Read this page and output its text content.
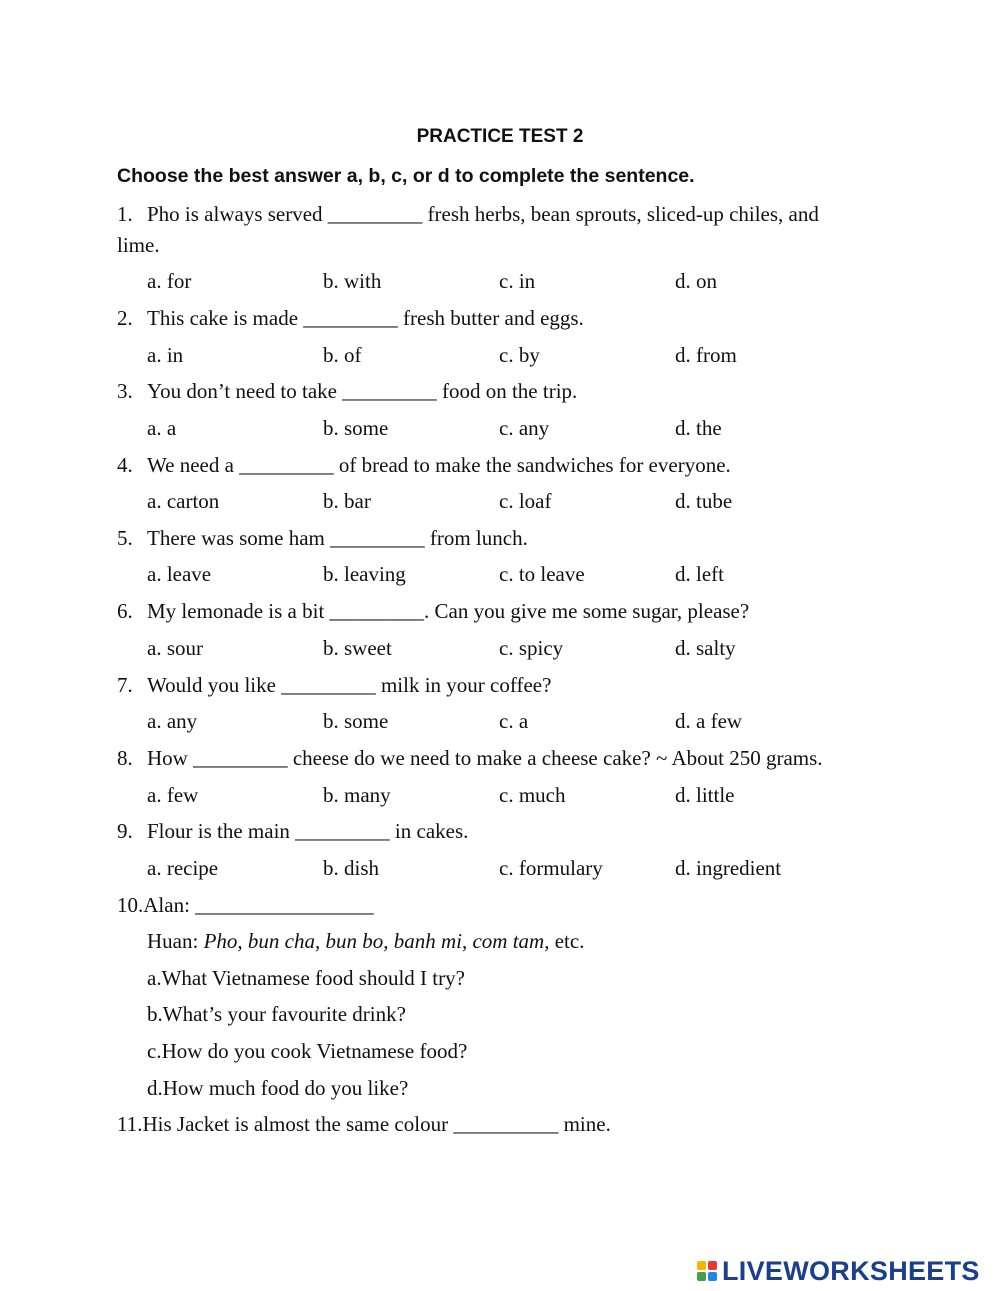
PRACTICE TEST 2
Choose the best answer a, b, c, or d to complete the sentence.
1. Pho is always served _________ fresh herbs, bean sprouts, sliced-up chiles, and
lime.
a. for	b. with	c. in	d. on
2. This cake is made _________ fresh butter and eggs.
a. in	b. of	c. by	d. from
3. You don’t need to take _________ food on the trip.
a. a	b. some	c. any	d. the
4. We need a _________ of bread to make the sandwiches for everyone.
a. carton	b. bar	c. loaf	d. tube
5. There was some ham _________ from lunch.
a. leave	b. leaving	c. to leave	d. left
6. My lemonade is a bit _________. Can you give me some sugar, please?
a. sour	b. sweet	c. spicy	d. salty
7. Would you like _________ milk in your coffee?
a. any	b. some	c. a	d. a few
8. How _________ cheese do we need to make a cheese cake? ~ About 250 grams.
a. few	b. many	c. much	d. little
9. Flour is the main _________ in cakes.
a. recipe	b. dish	c. formulary	d. ingredient
10.Alan: _________________
Huan: Pho, bun cha, bun bo, banh mi, com tam, etc.
a.What Vietnamese food should I try?
b.What’s your favourite drink?
c.How do you cook Vietnamese food?
d.How much food do you like?
11.His Jacket is almost the same colour __________ mine.
LIVEWORKSHEETS
